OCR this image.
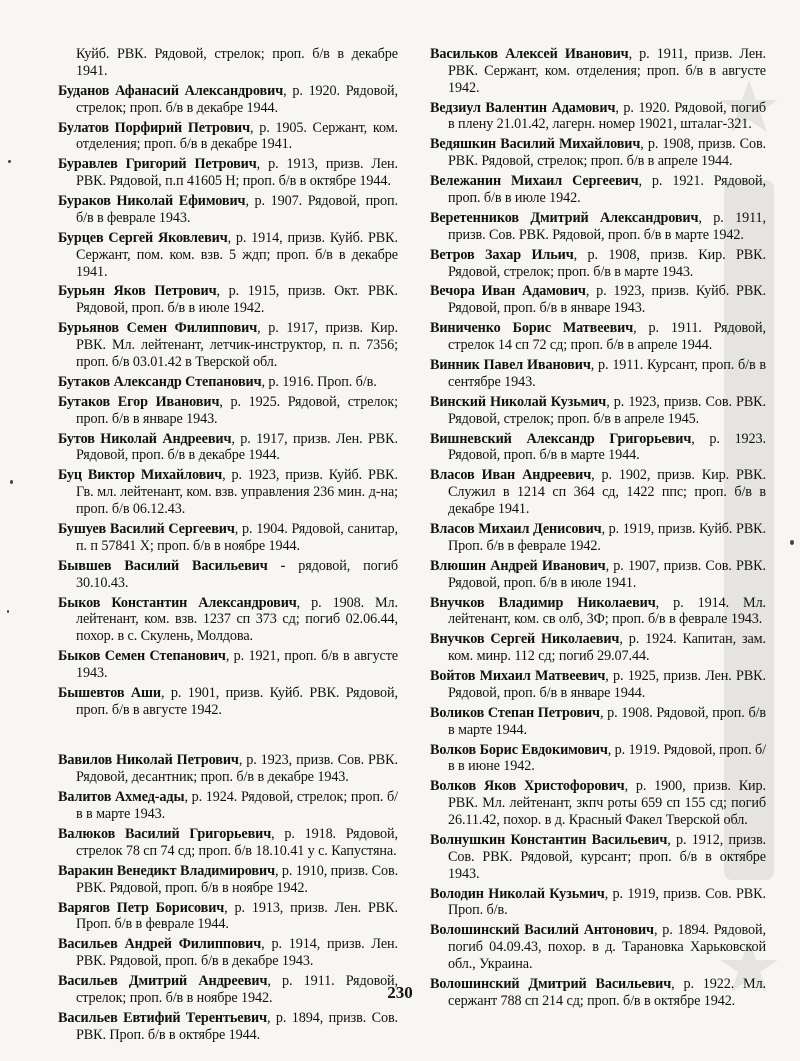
Куйб. РВК. Рядовой, стрелок; проп. б/в в декабре 1941.

Буданов Афанасий Александрович, р. 1920. Рядовой, стрелок; проп. б/в в декабре 1944.

Булатов Порфирий Петрович, р. 1905. Сержант, ком. отделения; проп. б/в в декабре 1941.

Буравлев Григорий Петрович, р. 1913, призв. Лен. РВК. Рядовой, п.п 41605 Н; проп. б/в в октябре 1944.

Бураков Николай Ефимович, р. 1907. Рядовой, проп. б/в в феврале 1943.

Бурцев Сергей Яковлевич, р. 1914, призв. Куйб. РВК. Сержант, пом. ком. взв. 5 ждп; проп. б/в в декабре 1941.

Бурьян Яков Петрович, р. 1915, призв. Окт. РВК. Рядовой, проп. б/в в июле 1942.

Бурьянов Семен Филиппович, р. 1917, призв. Кир. РВК. Мл. лейтенант, летчик-инструктор, п. п. 7356; проп. б/в 03.01.42 в Тверской обл.

Бутаков Александр Степанович, р. 1916. Проп. б/в.

Бутаков Егор Иванович, р. 1925. Рядовой, стрелок; проп. б/в в январе 1943.

Бутов Николай Андреевич, р. 1917, призв. Лен. РВК. Рядовой, проп. б/в в декабре 1944.

Буц Виктор Михайлович, р. 1923, призв. Куйб. РВК. Гв. мл. лейтенант, ком. взв. управления 236 мин. д-на; проп. б/в 06.12.43.

Бушуев Василий Сергеевич, р. 1904. Рядовой, санитар, п. п 57841 Х; проп. б/в в ноябре 1944.

Бывшев Василий Васильевич - рядовой, погиб 30.10.43.

Быков Константин Александрович, р. 1908. Мл. лейтенант, ком. взв. 1237 сп 373 сд; погиб 02.06.44, похор. в с. Скулень, Молдова.

Быков Семен Степанович, р. 1921, проп. б/в в августе 1943.

Бышевтов Аши, р. 1901, призв. Куйб. РВК. Рядовой, проп. б/в в августе 1942.

Вавилов Николай Петрович, р. 1923, призв. Сов. РВК. Рядовой, десантник; проп. б/в в декабре 1943.

Валитов Ахмед-ады, р. 1924. Рядовой, стрелок; проп. б/в в марте 1943.

Валюков Василий Григорьевич, р. 1918. Рядовой, стрелок 78 сп 74 сд; проп. б/в 18.10.41 у с. Капустяна.

Варакин Венедикт Владимирович, р. 1910, призв. Сов. РВК. Рядовой, проп. б/в в ноябре 1942.

Варягов Петр Борисович, р. 1913, призв. Лен. РВК. Проп. б/в в феврале 1944.

Васильев Андрей Филиппович, р. 1914, призв. Лен. РВК. Рядовой, проп. б/в в декабре 1943.

Васильев Дмитрий Андреевич, р. 1911. Рядовой, стрелок; проп. б/в в ноябре 1942.

Васильев Евтифий Терентьевич, р. 1894, призв. Сов. РВК. Проп. б/в в октябре 1944.

Васильков Алексей Иванович, р. 1911, призв. Лен. РВК. Сержант, ком. отделения; проп. б/в в августе 1942.

Ведзиул Валентин Адамович, р. 1920. Рядовой, погиб в плену 21.01.42, лагерн. номер 19021, шталаг-321.

Ведяшкин Василий Михайлович, р. 1908, призв. Сов. РВК. Рядовой, стрелок; проп. б/в в апреле 1944.

Вележанин Михаил Сергеевич, р. 1921. Рядовой, проп. б/в в июле 1942.

Веретенников Дмитрий Александрович, р. 1911, призв. Сов. РВК. Рядовой, проп. б/в в марте 1942.

Ветров Захар Ильич, р. 1908, призв. Кир. РВК. Рядовой, стрелок; проп. б/в в марте 1943.

Вечора Иван Адамович, р. 1923, призв. Куйб. РВК. Рядовой, проп. б/в в январе 1943.

Виниченко Борис Матвеевич, р. 1911. Рядовой, стрелок 14 сп 72 сд; проп. б/в в апреле 1944.

Винник Павел Иванович, р. 1911. Курсант, проп. б/в в сентябре 1943.

Винский Николай Кузьмич, р. 1923, призв. Сов. РВК. Рядовой, стрелок; проп. б/в в апреле 1945.

Вишневский Александр Григорьевич, р. 1923. Рядовой, проп. б/в в марте 1944.

Власов Иван Андреевич, р. 1902, призв. Кир. РВК. Служил в 1214 сп 364 сд, 1422 ппс; проп. б/в в декабре 1941.

Власов Михаил Денисович, р. 1919, призв. Куйб. РВК. Проп. б/в в феврале 1942.

Влюшин Андрей Иванович, р. 1907, призв. Сов. РВК. Рядовой, проп. б/в в июле 1941.

Внучков Владимир Николаевич, р. 1914. Мл. лейтенант, ком. св олб, 3Ф; проп. б/в в феврале 1943.

Внучков Сергей Николаевич, р. 1924. Капитан, зам. ком. минр. 112 сд; погиб 29.07.44.

Войтов Михаил Матвеевич, р. 1925, призв. Лен. РВК. Рядовой, проп. б/в в январе 1944.

Воликов Степан Петрович, р. 1908. Рядовой, проп. б/в в марте 1944.

Волков Борис Евдокимович, р. 1919. Рядовой, проп. б/в в июне 1942.

Волков Яков Христофорович, р. 1900, призв. Кир. РВК. Мл. лейтенант, зкпч роты 659 сп 155 сд; погиб 26.11.42, похор. в д. Красный Факел Тверской обл.

Волнушкин Константин Васильевич, р. 1912, призв. Сов. РВК. Рядовой, курсант; проп. б/в в октябре 1943.

Володин Николай Кузьмич, р. 1919, призв. Сов. РВК. Проп. б/в.

Волошинский Василий Антонович, р. 1894. Рядовой, погиб 04.09.43, похор. в д. Тарановка Харьковской обл., Украина.

Волошинский Дмитрий Васильевич, р. 1922. Мл. сержант 788 сп 214 сд; проп. б/в в октябре 1942.

230
